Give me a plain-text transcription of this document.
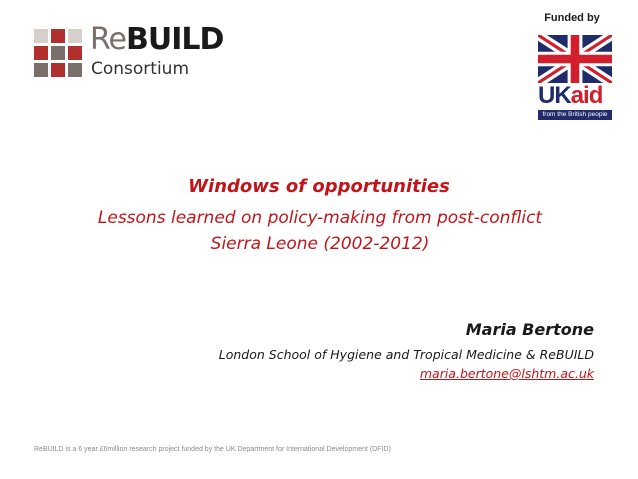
ReBUILD
Consortium
Funded by
UKaid
from the British people
Windows of opportunities
Lessons learned on policy-making from post-conflict
Sierra Leone (2002-2012)
Maria Bertone
London School of Hygiene and Tropical Medicine & ReBUILD
maria.bertone@lshtm.ac.uk
ReBUILD is a 6 year £6million research project funded by the UK Department for International Development (DFID)
